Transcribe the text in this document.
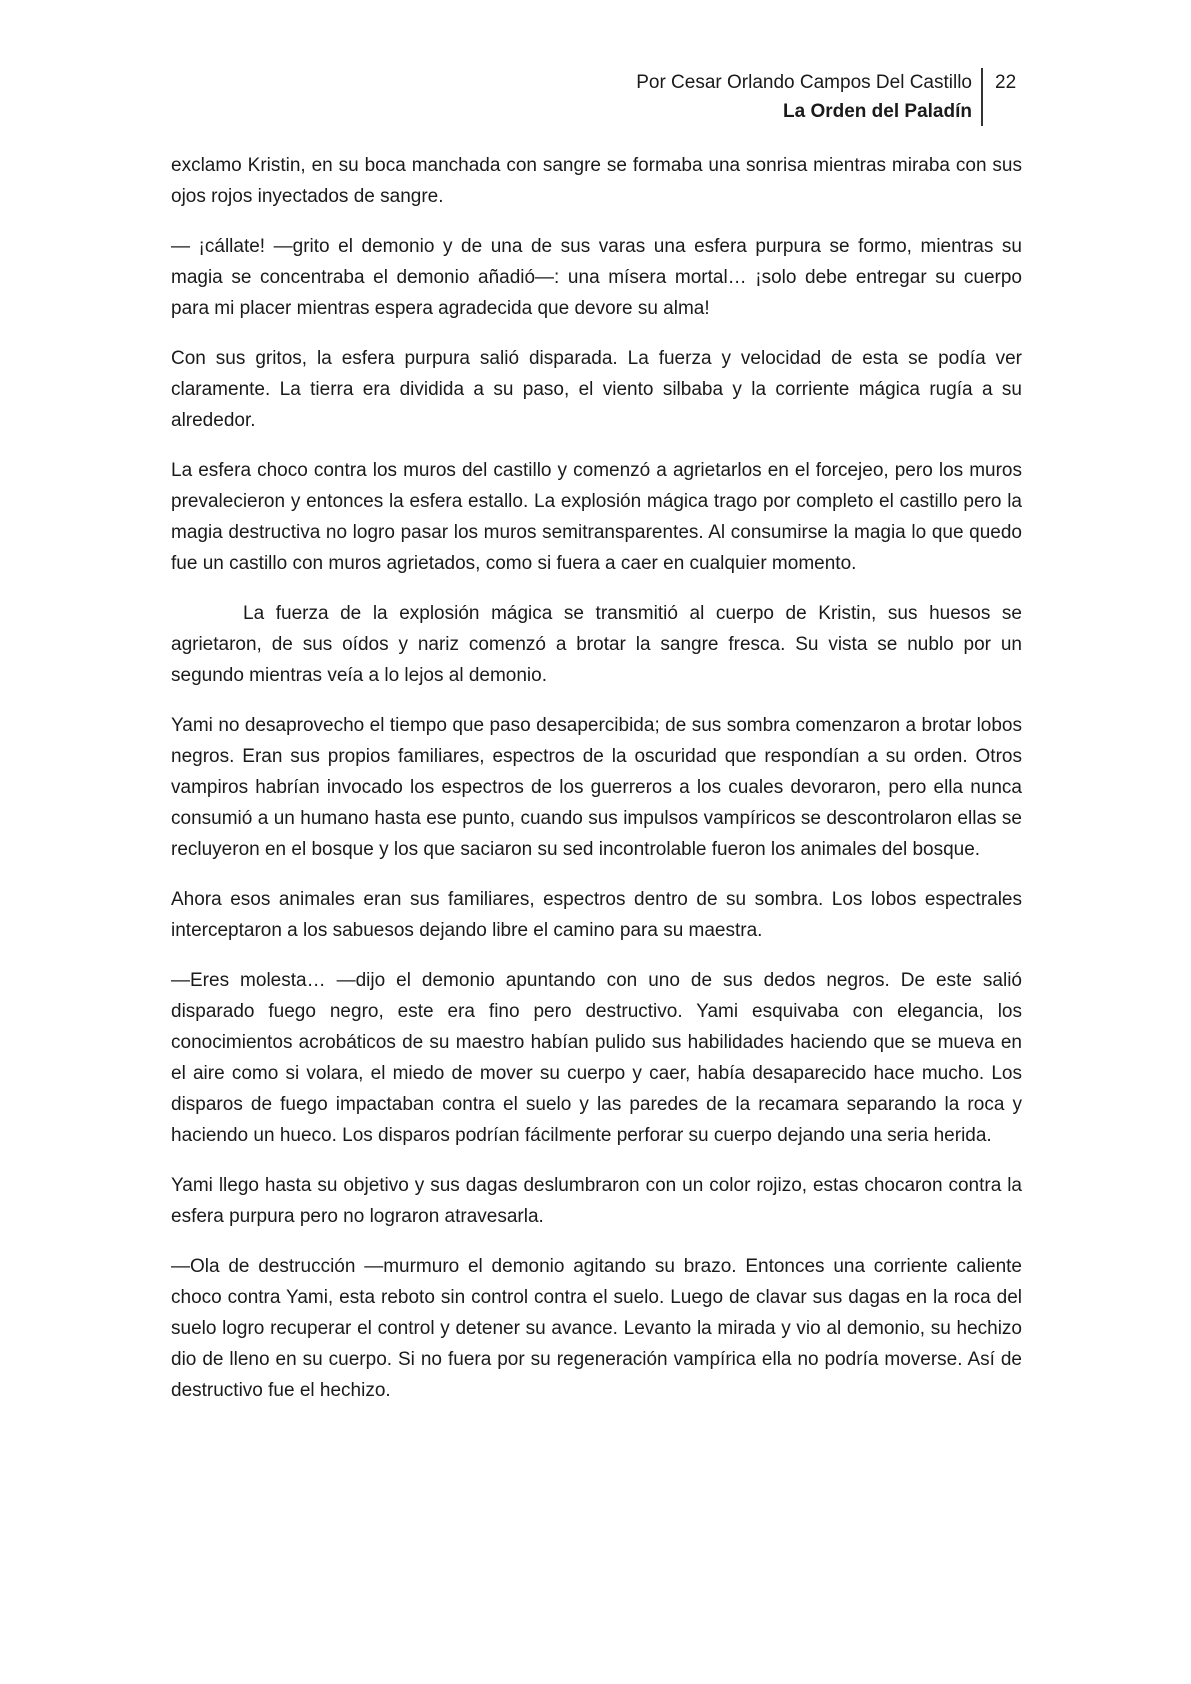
Por Cesar Orlando Campos Del Castillo
La Orden del Paladín
22

exclamo Kristin, en su boca manchada con sangre se formaba una sonrisa mientras miraba con sus ojos rojos inyectados de sangre.

— ¡cállate! —grito el demonio y de una de sus varas una esfera purpura se formo, mientras su magia se concentraba el demonio añadió—: una mísera mortal… ¡solo debe entregar su cuerpo para mi placer mientras espera agradecida que devore su alma!

Con sus gritos, la esfera purpura salió disparada. La fuerza y velocidad de esta se podía ver claramente. La tierra era dividida a su paso, el viento silbaba y la corriente mágica rugía a su alrededor.

La esfera choco contra los muros del castillo y comenzó a agrietarlos en el forcejeo, pero los muros prevalecieron y entonces la esfera estallo. La explosión mágica trago por completo el castillo pero la magia destructiva no logro pasar los muros semitransparentes. Al consumirse la magia lo que quedo fue un castillo con muros agrietados, como si fuera a caer en cualquier momento.

La fuerza de la explosión mágica se transmitió al cuerpo de Kristin, sus huesos se agrietaron, de sus oídos y nariz comenzó a brotar la sangre fresca. Su vista se nublo por un segundo mientras veía a lo lejos al demonio.

Yami no desaprovecho el tiempo que paso desapercibida; de sus sombra comenzaron a brotar lobos negros. Eran sus propios familiares, espectros de la oscuridad que respondían a su orden. Otros vampiros habrían invocado los espectros de los guerreros a los cuales devoraron, pero ella nunca consumió a un humano hasta ese punto, cuando sus impulsos vampíricos se descontrolaron ellas se recluyeron en el bosque y los que saciaron su sed incontrolable fueron los animales del bosque.

Ahora esos animales eran sus familiares, espectros dentro de su sombra. Los lobos espectrales interceptaron a los sabuesos dejando libre el camino para su maestra.

—Eres molesta… —dijo el demonio apuntando con uno de sus dedos negros. De este salió disparado fuego negro, este era fino pero destructivo. Yami esquivaba con elegancia, los conocimientos acrobáticos de su maestro habían pulido sus habilidades haciendo que se mueva en el aire como si volara, el miedo de mover su cuerpo y caer, había desaparecido hace mucho. Los disparos de fuego impactaban contra el suelo y las paredes de la recamara separando la roca y haciendo un hueco. Los disparos podrían fácilmente perforar su cuerpo dejando una seria herida.

Yami llego hasta su objetivo y sus dagas deslumbraron con un color rojizo, estas chocaron contra la esfera purpura pero no lograron atravesarla.

—Ola de destrucción —murmuro el demonio agitando su brazo. Entonces una corriente caliente choco contra Yami, esta reboto sin control contra el suelo. Luego de clavar sus dagas en la roca del suelo logro recuperar el control y detener su avance. Levanto la mirada y vio al demonio, su hechizo dio de lleno en su cuerpo. Si no fuera por su regeneración vampírica ella no podría moverse. Así de destructivo fue el hechizo.
